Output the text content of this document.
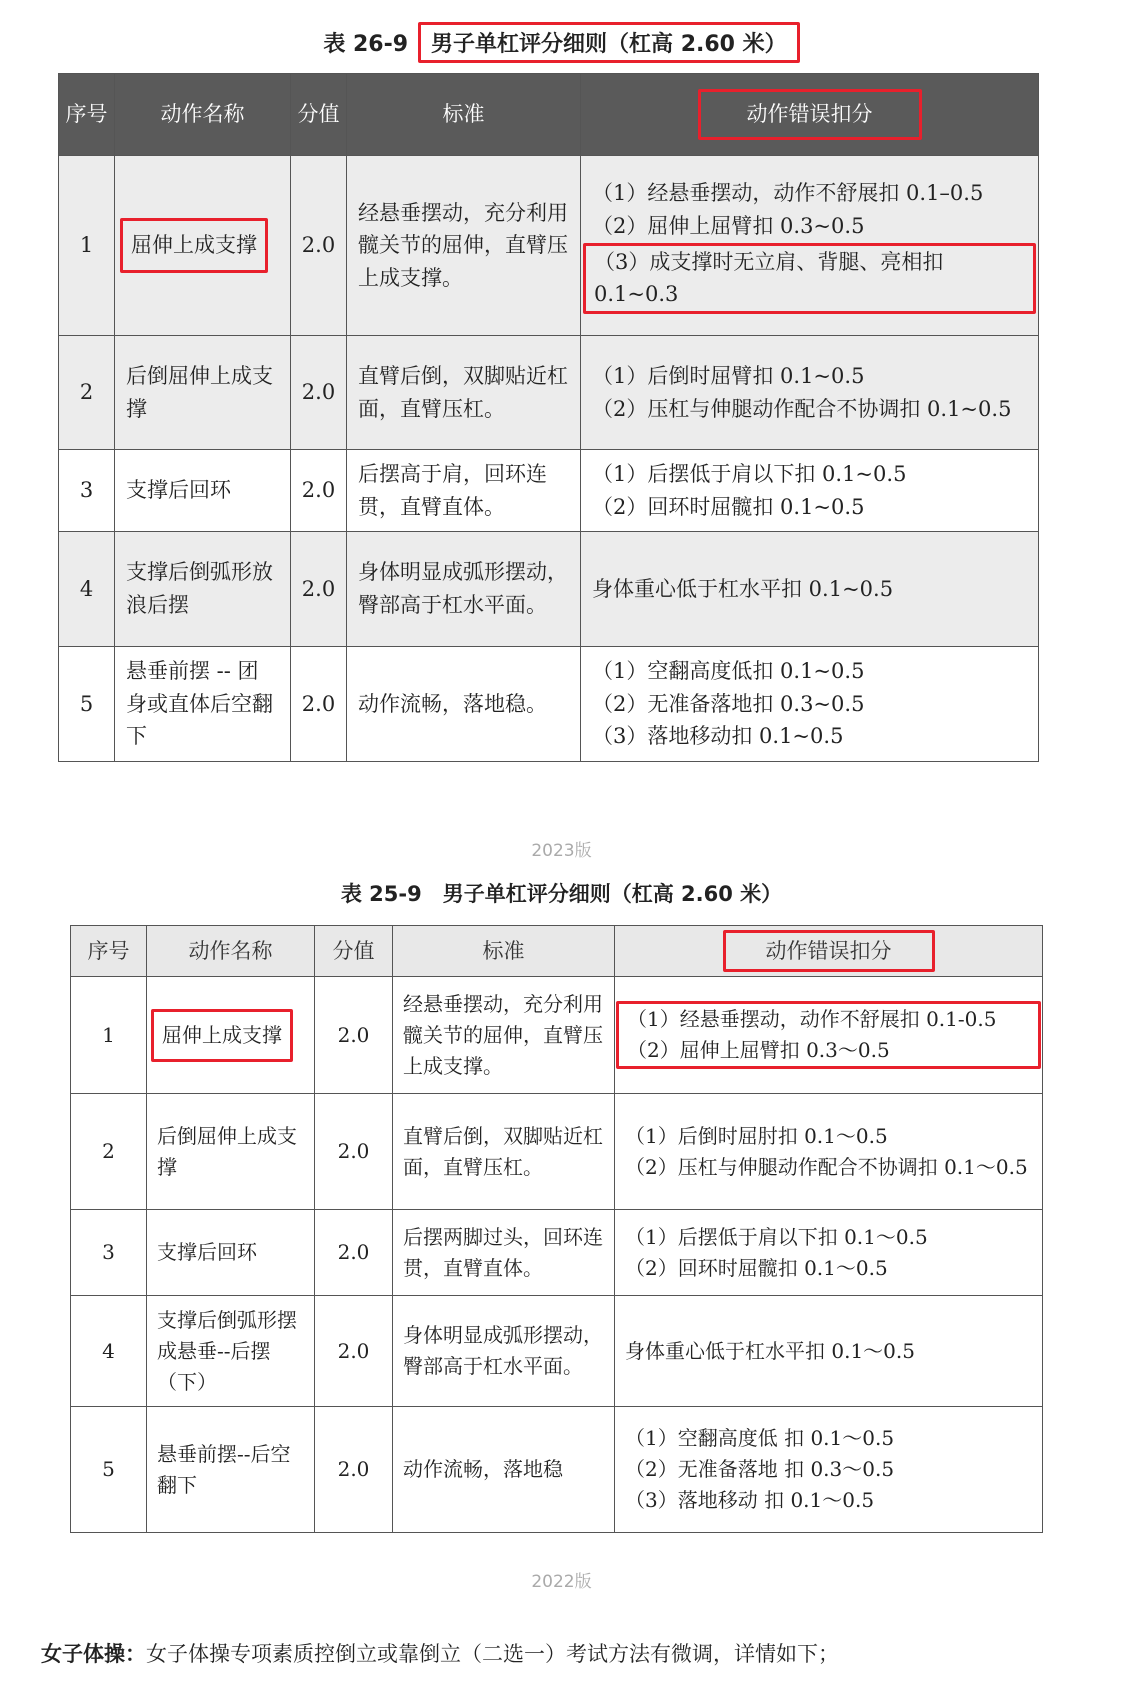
表 26-9 男子单杠评分细则（杠高 2.60 米）
序号	动作名称	分值	标准	动作错误扣分
1	屈伸上成支撑	2.0	经悬垂摆动，充分利用髋关节的屈伸，直臂压上成支撑。	（1）经悬垂摆动，动作不舒展扣 0.1–0.5
（2）屈伸上屈臂扣 0.3~0.5
（3）成支撑时无立肩、背腿、亮相扣 0.1~0.3

2	后倒屈伸上成支撑	2.0	直臂后倒，双脚贴近杠面，直臂压杠。	（1）后倒时屈臂扣 0.1~0.5
（2）压杠与伸腿动作配合不协调扣 0.1~0.5

3	支撑后回环	2.0	后摆高于肩，回环连贯，直臂直体。	（1）后摆低于肩以下扣 0.1~0.5
（2）回环时屈髋扣 0.1~0.5

4	支撑后倒弧形放浪后摆	2.0	身体明显成弧形摆动，臀部高于杠水平面。	身体重心低于杠水平扣 0.1~0.5

5	悬垂前摆 -- 团身或直体后空翻下	2.0	动作流畅，落地稳。	（1）空翻高度低扣 0.1~0.5
（2）无准备落地扣 0.3~0.5
（3）落地移动扣 0.1~0.5
2023版
表 25-9　男子单杠评分细则（杠高 2.60 米）
序号	动作名称	分值	标准	动作错误扣分
1	屈伸上成支撑	2.0	经悬垂摆动，充分利用髋关节的屈伸，直臂压上成支撑。	（1）经悬垂摆动，动作不舒展扣 0.1-0.5
（2）屈伸上屈臂扣 0.3〜0.5

2	后倒屈伸上成支撑	2.0	直臂后倒，双脚贴近杠面，直臂压杠。	（1）后倒时屈肘扣 0.1〜0.5
（2）压杠与伸腿动作配合不协调扣 0.1〜0.5

3	支撑后回环	2.0	后摆两脚过头，回环连贯，直臂直体。	（1）后摆低于肩以下扣 0.1〜0.5
（2）回环时屈髋扣 0.1〜0.5

4	支撑后倒弧形摆成悬垂--后摆（下）	2.0	身体明显成弧形摆动，臀部高于杠水平面。	身体重心低于杠水平扣 0.1〜0.5

5	悬垂前摆--后空翻下	2.0	动作流畅，落地稳	（1）空翻高度低 扣 0.1〜0.5
（2）无准备落地 扣 0.3〜0.5
（3）落地移动 扣 0.1〜0.5
2022版
女子体操：女子体操专项素质控倒立或靠倒立（二选一）考试方法有微调，详情如下；
